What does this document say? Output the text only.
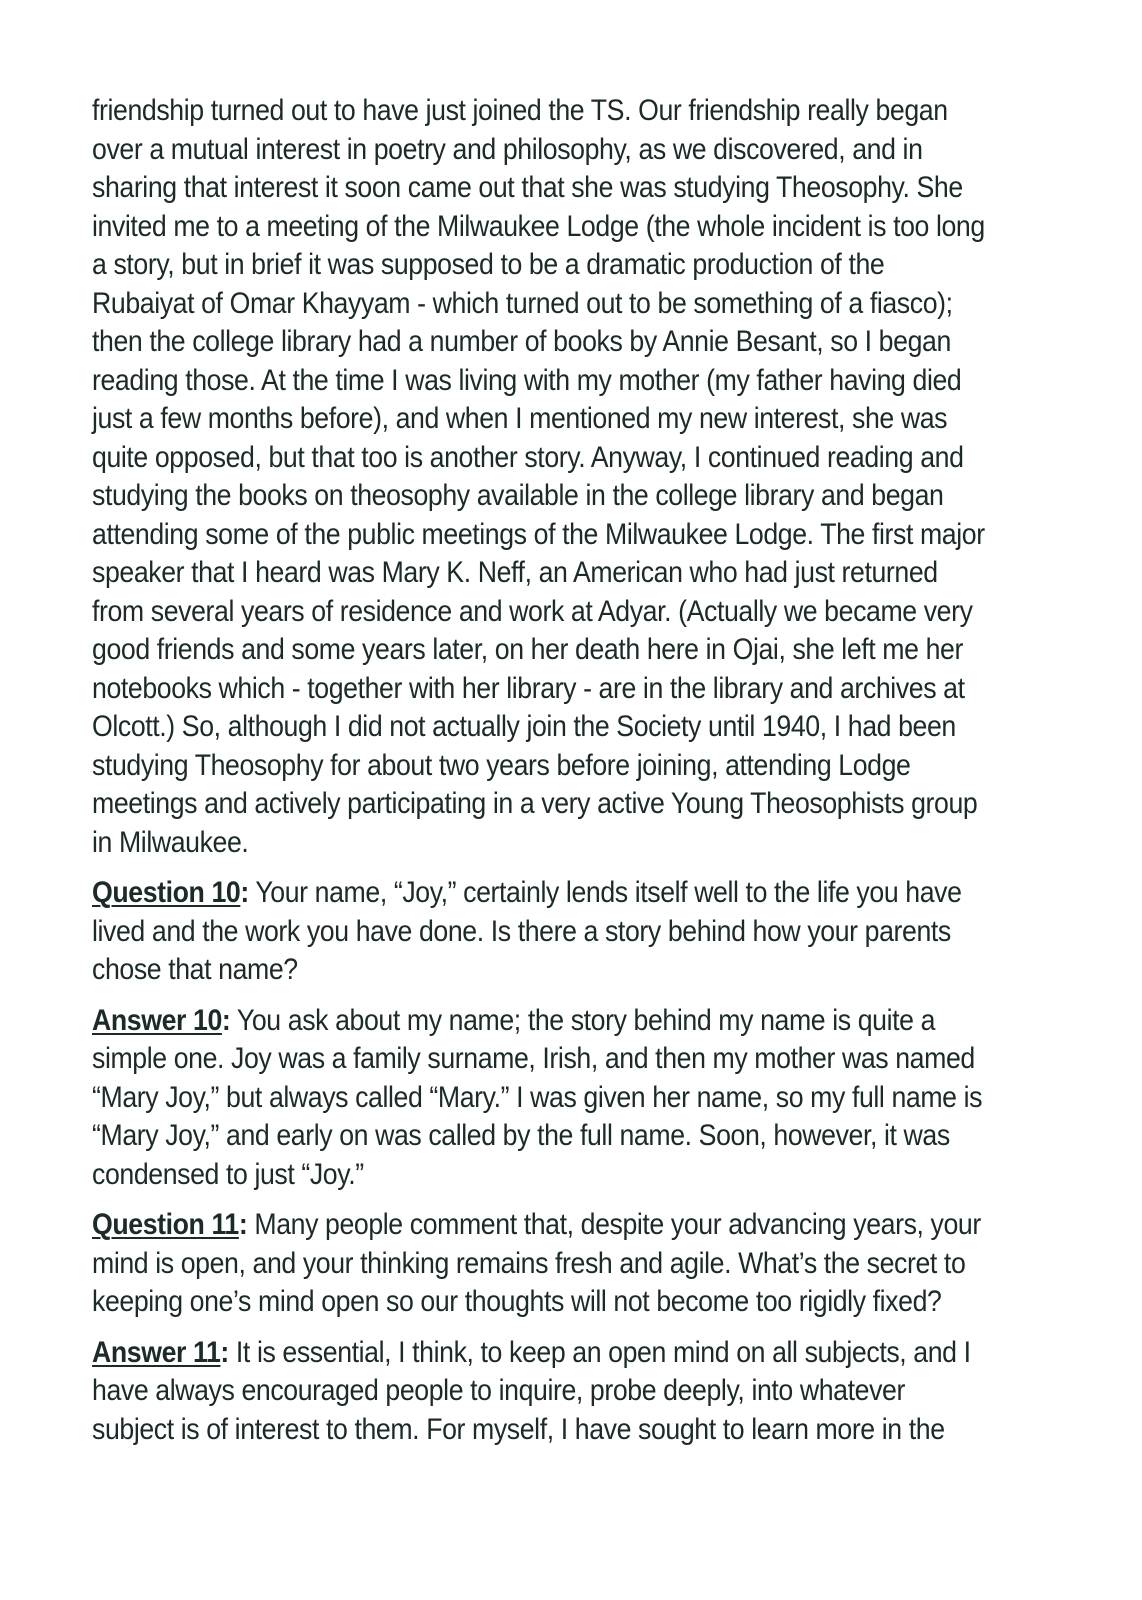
friendship turned out to have just joined the TS. Our friendship really began
over a mutual interest in poetry and philosophy, as we discovered, and in
sharing that interest it soon came out that she was studying Theosophy. She
invited me to a meeting of the Milwaukee Lodge (the whole incident is too long
a story, but in brief it was supposed to be a dramatic production of the
Rubaiyat of Omar Khayyam - which turned out to be something of a fiasco);
then the college library had a number of books by Annie Besant, so I began
reading those. At the time I was living with my mother (my father having died
just a few months before), and when I mentioned my new interest, she was
quite opposed, but that too is another story. Anyway, I continued reading and
studying the books on theosophy available in the college library and began
attending some of the public meetings of the Milwaukee Lodge. The first major
speaker that I heard was Mary K. Neff, an American who had just returned
from several years of residence and work at Adyar. (Actually we became very
good friends and some years later, on her death here in Ojai, she left me her
notebooks which - together with her library - are in the library and archives at
Olcott.) So, although I did not actually join the Society until 1940, I had been
studying Theosophy for about two years before joining, attending Lodge
meetings and actively participating in a very active Young Theosophists group
in Milwaukee.

Question 10: Your name, “Joy,” certainly lends itself well to the life you have
lived and the work you have done. Is there a story behind how your parents
chose that name?

Answer 10: You ask about my name; the story behind my name is quite a
simple one. Joy was a family surname, Irish, and then my mother was named
“Mary Joy,” but always called “Mary.” I was given her name, so my full name is
“Mary Joy,” and early on was called by the full name. Soon, however, it was
condensed to just “Joy.”

Question 11: Many people comment that, despite your advancing years, your
mind is open, and your thinking remains fresh and agile. What’s the secret to
keeping one’s mind open so our thoughts will not become too rigidly fixed?

Answer 11: It is essential, I think, to keep an open mind on all subjects, and I
have always encouraged people to inquire, probe deeply, into whatever
subject is of interest to them. For myself, I have sought to learn more in the
